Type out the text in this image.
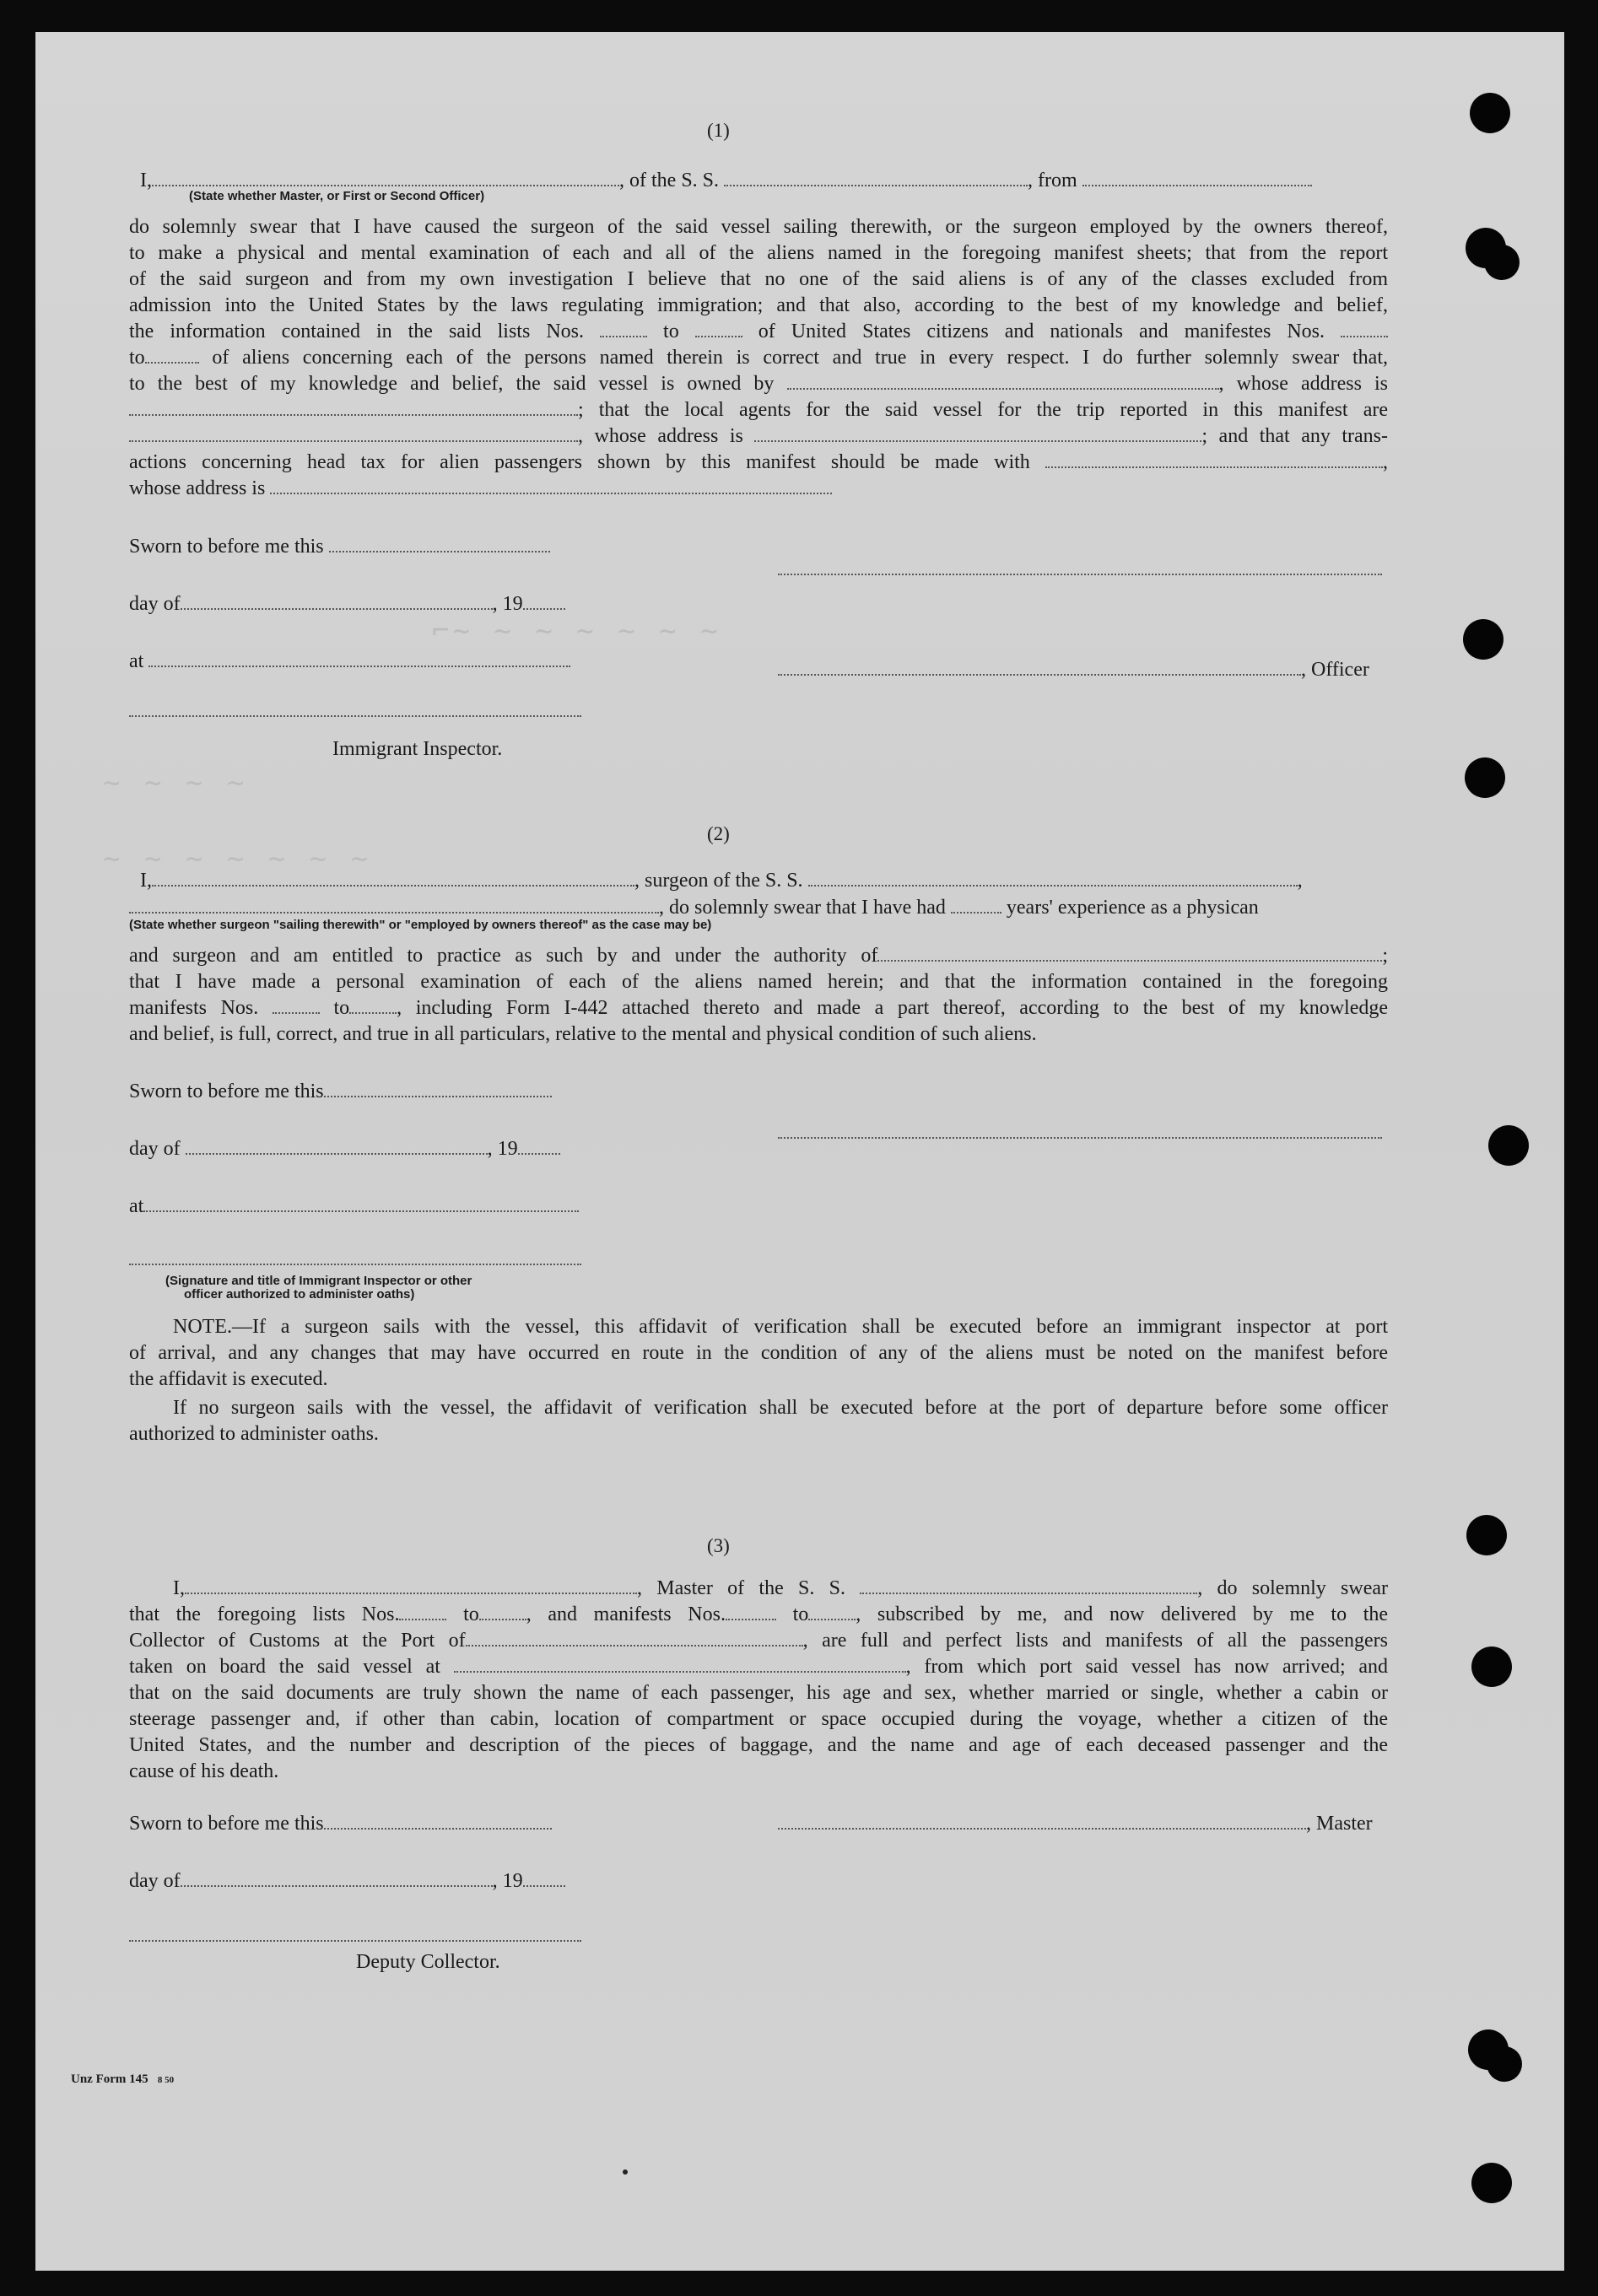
⌐~ ~ ~ ~ ~ ~ ~
~ ~ ~ ~
~ ~ ~ ~ ~ ~ ~
(1)
I,	, of the S. S.	, from
(State whether Master, or First or Second Officer)
do solemnly swear that I have caused the surgeon of the said vessel sailing therewith, or the surgeon employed by the owners thereof,
to make a physical and mental examination of each and all of the aliens named in the foregoing manifest sheets; that from the report
of the said surgeon and from my own investigation I believe that no one of the said aliens is of any of the classes excluded from
admission into the United States by the laws regulating immigration; and that also, according to the best of my knowledge and belief,
the information contained in the said lists Nos.	to	of United States citizens and nationals and manifestes Nos.
to	of aliens concerning each of the persons named therein is correct and true in every respect. I do further solemnly swear that,
to the best of my knowledge and belief, the said vessel is owned by	, whose address is
; that the local agents for the said vessel for the trip reported in this manifest are
, whose address is	; and that any trans-
actions concerning head tax for alien passengers shown by this manifest should be made with	,
whose address is
Sworn to before me this
day of	, 19
at	, Officer
Immigrant Inspector.
(2)
I,	, surgeon of the S. S.	,
, do solemnly swear that I have had	years' experience as a physican
(State whether surgeon "sailing therewith" or "employed by owners thereof" as the case may be)
and surgeon and am entitled to practice as such by and under the authority of	;
that I have made a personal examination of each of the aliens named herein; and that the information contained in the foregoing
manifests Nos.	to , including Form I-442 attached thereto and made a part thereof, according to the best of my knowledge
and belief, is full, correct, and true in all particulars, relative to the mental and physical condition of such aliens.
Sworn to before me this
day of	, 19
at
(Signature and title of Immigrant Inspector or other
officer authorized to administer oaths)
NOTE.—If a surgeon sails with the vessel, this affidavit of verification shall be executed before an immigrant inspector at port
of arrival, and any changes that may have occurred en route in the condition of any of the aliens must be noted on the manifest before
the affidavit is executed.
If no surgeon sails with the vessel, the affidavit of verification shall be executed before at the port of departure before some officer
authorized to administer oaths.
(3)
I,	, Master of the S. S.	, do solemnly swear
that the foregoing lists Nos.	to , and manifests Nos.	to , subscribed by me, and now delivered by me to the
Collector of Customs at the Port of	, are full and perfect lists and manifests of all the passengers
taken on board the said vessel at	, from which port said vessel has now arrived; and
that on the said documents are truly shown the name of each passenger, his age and sex, whether married or single, whether a cabin or
steerage passenger and, if other than cabin, location of compartment or space occupied during the voyage, whether a citizen of the
United States, and the number and description of the pieces of baggage, and the name and age of each deceased passenger and the
cause of his death.
Sworn to before me this	, Master
day of	, 19
Deputy Collector.
Unz Form 145 8 50
